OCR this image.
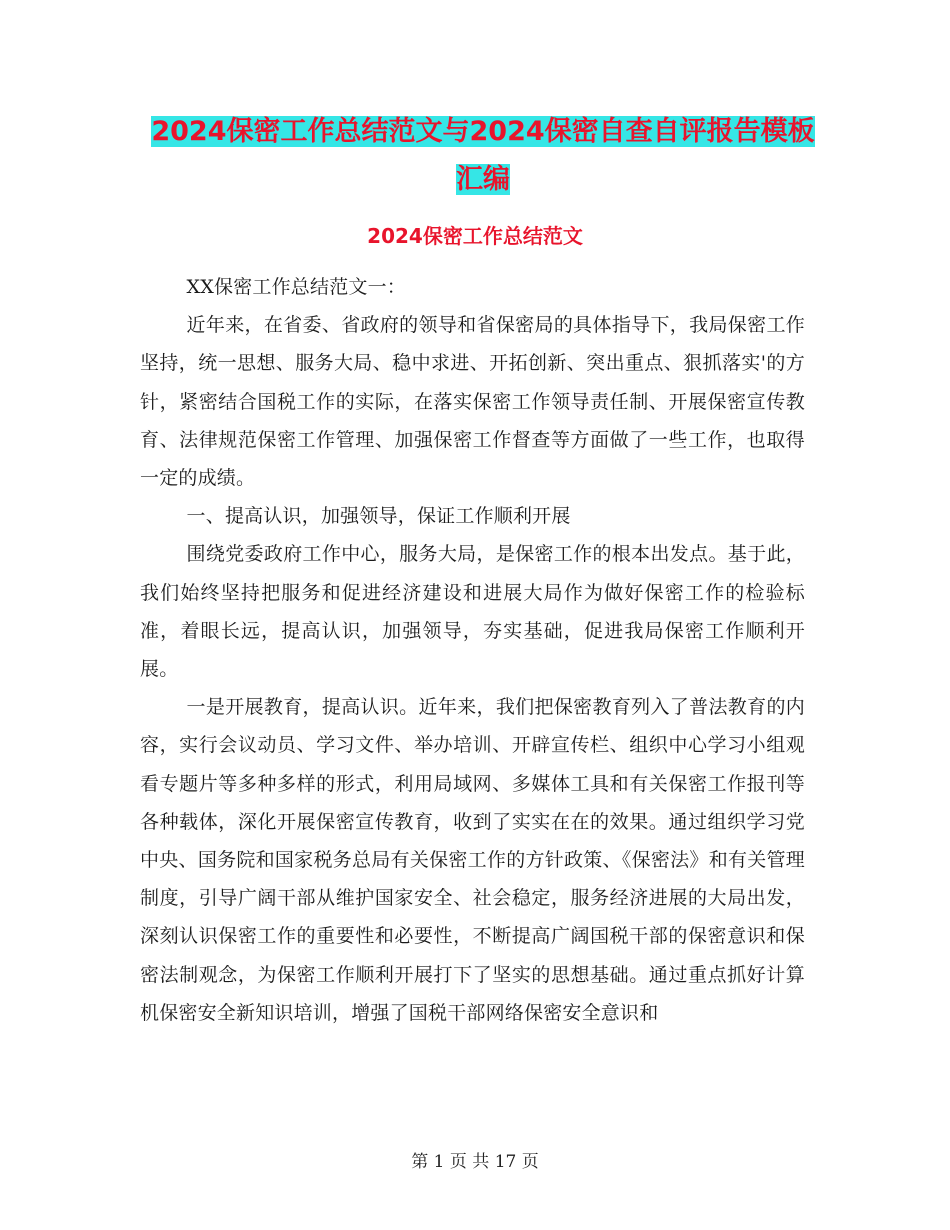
2024保密工作总结范文与2024保密自查自评报告模板汇编
2024保密工作总结范文

XX保密工作总结范文一：

近年来，在省委、省政府的领导和省保密局的具体指导下，我局保密工作坚持，统一思想、服务大局、稳中求进、开拓创新、突出重点、狠抓落实'的方针，紧密结合国税工作的实际，在落实保密工作领导责任制、开展保密宣传教育、法律规范保密工作管理、加强保密工作督查等方面做了一些工作，也取得一定的成绩。

一、提高认识，加强领导，保证工作顺利开展

围绕党委政府工作中心，服务大局，是保密工作的根本出发点。基于此，我们始终坚持把服务和促进经济建设和进展大局作为做好保密工作的检验标准，着眼长远，提高认识，加强领导，夯实基础，促进我局保密工作顺利开展。

一是开展教育，提高认识。近年来，我们把保密教育列入了普法教育的内容，实行会议动员、学习文件、举办培训、开辟宣传栏、组织中心学习小组观看专题片等多种多样的形式，利用局域网、多媒体工具和有关保密工作报刊等各种载体，深化开展保密宣传教育，收到了实实在在的效果。通过组织学习党中央、国务院和国家税务总局有关保密工作的方针政策、《保密法》和有关管理制度，引导广阔干部从维护国家安全、社会稳定，服务经济进展的大局出发，深刻认识保密工作的重要性和必要性，不断提高广阔国税干部的保密意识和保密法制观念，为保密工作顺利开展打下了坚实的思想基础。通过重点抓好计算机保密安全新知识培训，增强了国税干部网络保密安全意识和

第 1 页 共 17 页
